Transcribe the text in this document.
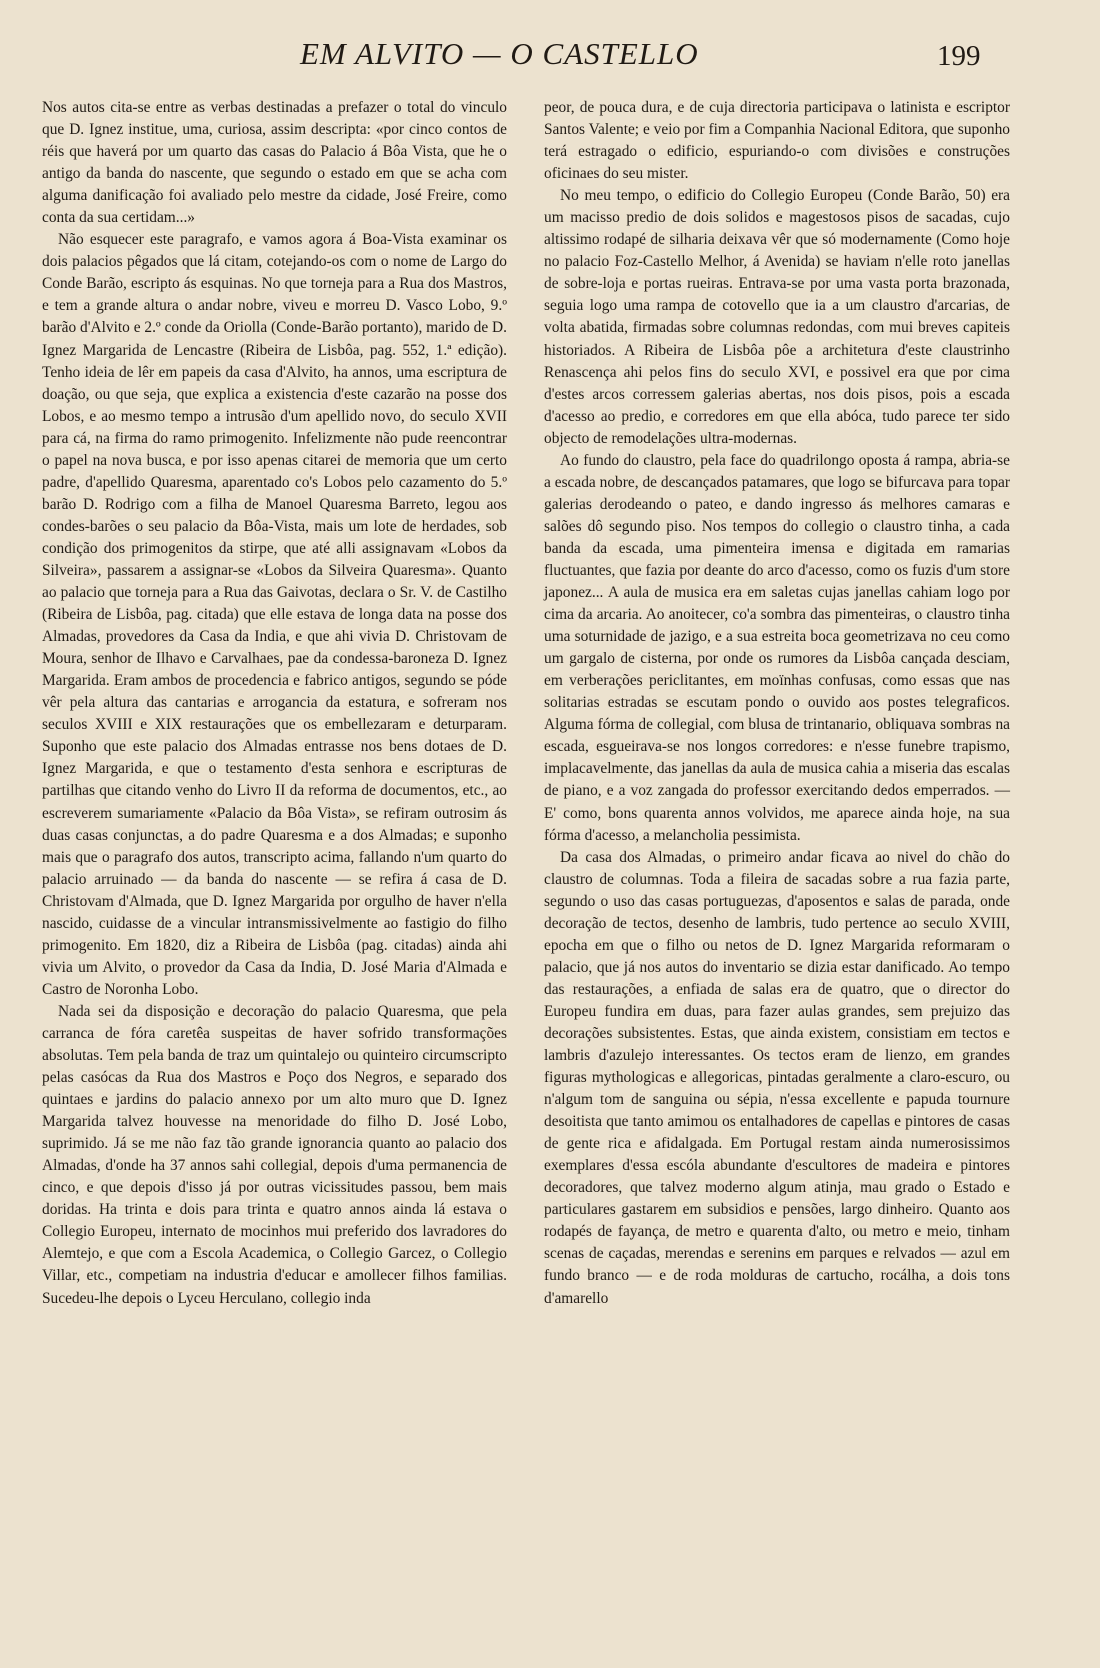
EM ALVITO — O CASTELLO	199

Nos autos cita-se entre as verbas destinadas a prefazer o total do vinculo que D. Ignez institue, uma, curiosa, assim descripta: «por cinco contos de réis que haverá por um quarto das casas do Palacio á Bôa Vista, que he o antigo da banda do nascente, que segundo o estado em que se acha com alguma danificação foi avaliado pelo mestre da cidade, José Freire, como conta da sua certidam...»

Não esquecer este paragrafo, e vamos agora á Boa-Vista examinar os dois palacios pêgados que lá citam, cotejando-os com o nome de Largo do Conde Barão, escripto ás esquinas. No que torneja para a Rua dos Mastros, e tem a grande altura o andar nobre, viveu e morreu D. Vasco Lobo, 9.º barão d'Alvito e 2.º conde da Oriolla (Conde-Barão portanto), marido de D. Ignez Margarida de Lencastre (Ribeira de Lisbôa, pag. 552, 1.ª edição). Tenho ideia de lêr em papeis da casa d'Alvito, ha annos, uma escriptura de doação, ou que seja, que explica a existencia d'este cazarão na posse dos Lobos, e ao mesmo tempo a intrusão d'um apellido novo, do seculo XVII para cá, na firma do ramo primogenito. Infelizmente não pude reencontrar o papel na nova busca, e por isso apenas citarei de memoria que um certo padre, d'apellido Quaresma, aparentado co's Lobos pelo cazamento do 5.º barão D. Rodrigo com a filha de Manoel Quaresma Barreto, legou aos condes-barões o seu palacio da Bôa-Vista, mais um lote de herdades, sob condição dos primogenitos da stirpe, que até alli assignavam «Lobos da Silveira», passarem a assignar-se «Lobos da Silveira Quaresma». Quanto ao palacio que torneja para a Rua das Gaivotas, declara o Sr. V. de Castilho (Ribeira de Lisbôa, pag. citada) que elle estava de longa data na posse dos Almadas, provedores da Casa da India, e que ahi vivia D. Christovam de Moura, senhor de Ilhavo e Carvalhaes, pae da condessa-baroneza D. Ignez Margarida. Eram ambos de procedencia e fabrico antigos, segundo se póde vêr pela altura das cantarias e arrogancia da estatura, e sofreram nos seculos XVIII e XIX restaurações que os embellezaram e deturparam. Suponho que este palacio dos Almadas entrasse nos bens dotaes de D. Ignez Margarida, e que o testamento d'esta senhora e escripturas de partilhas que citando venho do Livro II da reforma de documentos, etc., ao escreverem sumariamente «Palacio da Bôa Vista», se refiram outrosim ás duas casas conjunctas, a do padre Quaresma e a dos Almadas; e suponho mais que o paragrafo dos autos, transcripto acima, fallando n'um quarto do palacio arruinado — da banda do nascente — se refira á casa de D. Christovam d'Almada, que D. Ignez Margarida por orgulho de haver n'ella nascido, cuidasse de a vincular intransmissivelmente ao fastigio do filho primogenito. Em 1820, diz a Ribeira de Lisbôa (pag. citadas) ainda ahi vivia um Alvito, o provedor da Casa da India, D. José Maria d'Almada e Castro de Noronha Lobo.

Nada sei da disposição e decoração do palacio Quaresma, que pela carranca de fóra caretêa suspeitas de haver sofrido transformações absolutas. Tem pela banda de traz um quintalejo ou quinteiro circumscripto pelas casócas da Rua dos Mastros e Poço dos Negros, e separado dos quintaes e jardins do palacio annexo por um alto muro que D. Ignez Margarida talvez houvesse na menoridade do filho D. José Lobo, suprimido. Já se me não faz tão grande ignorancia quanto ao palacio dos Almadas, d'onde ha 37 annos sahi collegial, depois d'uma permanencia de cinco, e que depois d'isso já por outras vicissitudes passou, bem mais doridas. Ha trinta e dois para trinta e quatro annos ainda lá estava o Collegio Europeu, internato de mocinhos mui preferido dos lavradores do Alemtejo, e que com a Escola Academica, o Collegio Garcez, o Collegio Villar, etc., competiam na industria d'educar e amollecer filhos familias. Sucedeu-lhe depois o Lyceu Herculano, collegio inda

peor, de pouca dura, e de cuja directoria participava o latinista e escriptor Santos Valente; e veio por fim a Companhia Nacional Editora, que suponho terá estragado o edificio, espuriando-o com divisões e construções oficinaes do seu mister.

No meu tempo, o edificio do Collegio Europeu (Conde Barão, 50) era um macisso predio de dois solidos e magestosos pisos de sacadas, cujo altissimo rodapé de silharia deixava vêr que só modernamente (Como hoje no palacio Foz-Castello Melhor, á Avenida) se haviam n'elle roto janellas de sobre-loja e portas rueiras. Entrava-se por uma vasta porta brazonada, seguia logo uma rampa de cotovello que ia a um claustro d'arcarias, de volta abatida, firmadas sobre columnas redondas, com mui breves capiteis historiados. A Ribeira de Lisbôa pôe a architetura d'este claustrinho Renascença ahi pelos fins do seculo XVI, e possivel era que por cima d'estes arcos corressem galerias abertas, nos dois pisos, pois a escada d'acesso ao predio, e corredores em que ella abóca, tudo parece ter sido objecto de remodelações ultra-modernas.

Ao fundo do claustro, pela face do quadrilongo oposta á rampa, abria-se a escada nobre, de descançados patamares, que logo se bifurcava para topar galerias derodeando o pateo, e dando ingresso ás melhores camaras e salões dô segundo piso. Nos tempos do collegio o claustro tinha, a cada banda da escada, uma pimenteira imensa e digitada em ramarias fluctuantes, que fazia por deante do arco d'acesso, como os fuzis d'um store japonez... A aula de musica era em saletas cujas janellas cahiam logo por cima da arcaria. Ao anoitecer, co'a sombra das pimenteiras, o claustro tinha uma soturnidade de jazigo, e a sua estreita boca geometrizava no ceu como um gargalo de cisterna, por onde os rumores da Lisbôa cançada desciam, em verberações periclitantes, em moïnhas confusas, como essas que nas solitarias estradas se escutam pondo o ouvido aos postes telegraficos. Alguma fórma de collegial, com blusa de trintanario, obliquava sombras na escada, esgueirava-se nos longos corredores: e n'esse funebre trapismo, implacavelmente, das janellas da aula de musica cahia a miseria das escalas de piano, e a voz zangada do professor exercitando dedos emperrados. — E' como, bons quarenta annos volvidos, me aparece ainda hoje, na sua fórma d'acesso, a melancholia pessimista.

Da casa dos Almadas, o primeiro andar ficava ao nivel do chão do claustro de columnas. Toda a fileira de sacadas sobre a rua fazia parte, segundo o uso das casas portuguezas, d'aposentos e salas de parada, onde decoração de tectos, desenho de lambris, tudo pertence ao seculo XVIII, epocha em que o filho ou netos de D. Ignez Margarida reformaram o palacio, que já nos autos do inventario se dizia estar danificado. Ao tempo das restaurações, a enfiada de salas era de quatro, que o director do Europeu fundira em duas, para fazer aulas grandes, sem prejuizo das decorações subsistentes. Estas, que ainda existem, consistiam em tectos e lambris d'azulejo interessantes. Os tectos eram de lienzo, em grandes figuras mythologicas e allegoricas, pintadas geralmente a claro-escuro, ou n'algum tom de sanguina ou sépia, n'essa excellente e papuda tournure desoitista que tanto amimou os entalhadores de capellas e pintores de casas de gente rica e afidalgada. Em Portugal restam ainda numerosissimos exemplares d'essa escóla abundante d'escultores de madeira e pintores decoradores, que talvez moderno algum atinja, mau grado o Estado e particulares gastarem em subsidios e pensões, largo dinheiro. Quanto aos rodapés de fayança, de metro e quarenta d'alto, ou metro e meio, tinham scenas de caçadas, merendas e serenins em parques e relvados — azul em fundo branco — e de roda molduras de cartucho, rocálha, a dois tons d'amarello
